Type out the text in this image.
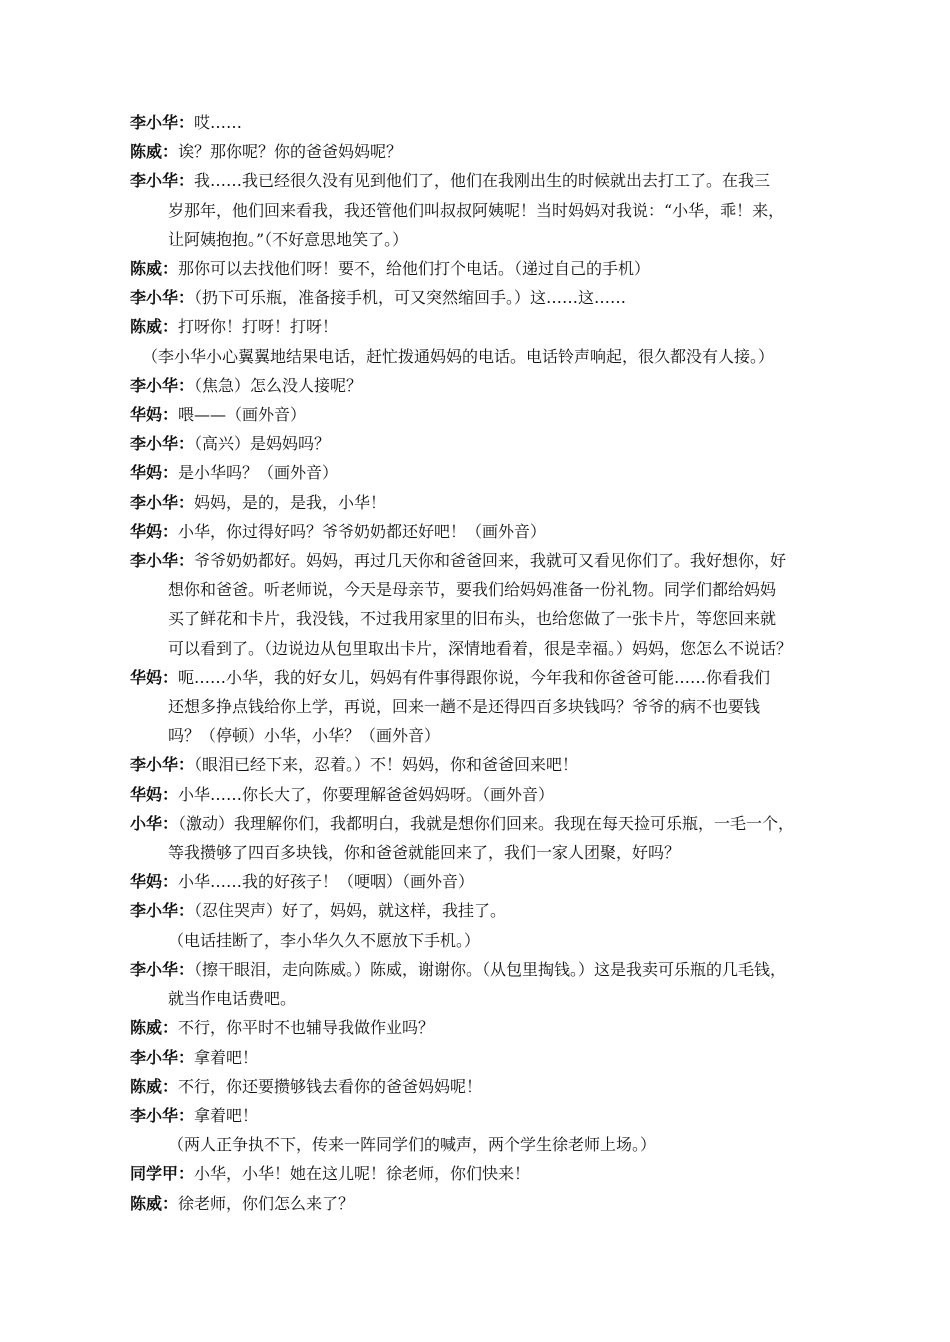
李小华：哎……
陈威：诶？那你呢？你的爸爸妈妈呢？
李小华：我……我已经很久没有见到他们了，他们在我刚出生的时候就出去打工了。在我三
岁那年，他们回来看我，我还管他们叫叔叔阿姨呢！当时妈妈对我说：“小华，乖！来，
让阿姨抱抱。”（不好意思地笑了。）
陈威：那你可以去找他们呀！要不，给他们打个电话。（递过自己的手机）
李小华：（扔下可乐瓶，准备接手机，可又突然缩回手。）这……这……
陈威：打呀你！打呀！打呀！
（李小华小心翼翼地结果电话，赶忙拨通妈妈的电话。电话铃声响起，很久都没有人接。）
李小华：（焦急）怎么没人接呢？
华妈：喂——（画外音）
李小华：（高兴）是妈妈吗？
华妈：是小华吗？（画外音）
李小华：妈妈，是的，是我，小华！
华妈：小华，你过得好吗？爷爷奶奶都还好吧！（画外音）
李小华：爷爷奶奶都好。妈妈，再过几天你和爸爸回来，我就可又看见你们了。我好想你，好
想你和爸爸。听老师说，今天是母亲节，要我们给妈妈准备一份礼物。同学们都给妈妈
买了鲜花和卡片，我没钱，不过我用家里的旧布头，也给您做了一张卡片，等您回来就
可以看到了。（边说边从包里取出卡片，深情地看着，很是幸福。）妈妈，您怎么不说话？
华妈：呃……小华，我的好女儿，妈妈有件事得跟你说，今年我和你爸爸可能……你看我们
还想多挣点钱给你上学，再说，回来一趟不是还得四百多块钱吗？爷爷的病不也要钱
吗？（停顿）小华，小华？（画外音）
李小华：（眼泪已经下来，忍着。）不！妈妈，你和爸爸回来吧！
华妈：小华……你长大了，你要理解爸爸妈妈呀。（画外音）
小华：（激动）我理解你们，我都明白，我就是想你们回来。我现在每天捡可乐瓶，一毛一个，
等我攒够了四百多块钱，你和爸爸就能回来了，我们一家人团聚，好吗？
华妈：小华……我的好孩子！（哽咽）（画外音）
李小华：（忍住哭声）好了，妈妈，就这样，我挂了。
（电话挂断了，李小华久久不愿放下手机。）
李小华：（擦干眼泪，走向陈威。）陈威，谢谢你。（从包里掏钱。）这是我卖可乐瓶的几毛钱，
就当作电话费吧。
陈威：不行，你平时不也辅导我做作业吗？
李小华：拿着吧！
陈威：不行，你还要攒够钱去看你的爸爸妈妈呢！
李小华：拿着吧！
（两人正争执不下，传来一阵同学们的喊声，两个学生徐老师上场。）
同学甲：小华，小华！她在这儿呢！徐老师，你们快来！
陈威：徐老师，你们怎么来了？
